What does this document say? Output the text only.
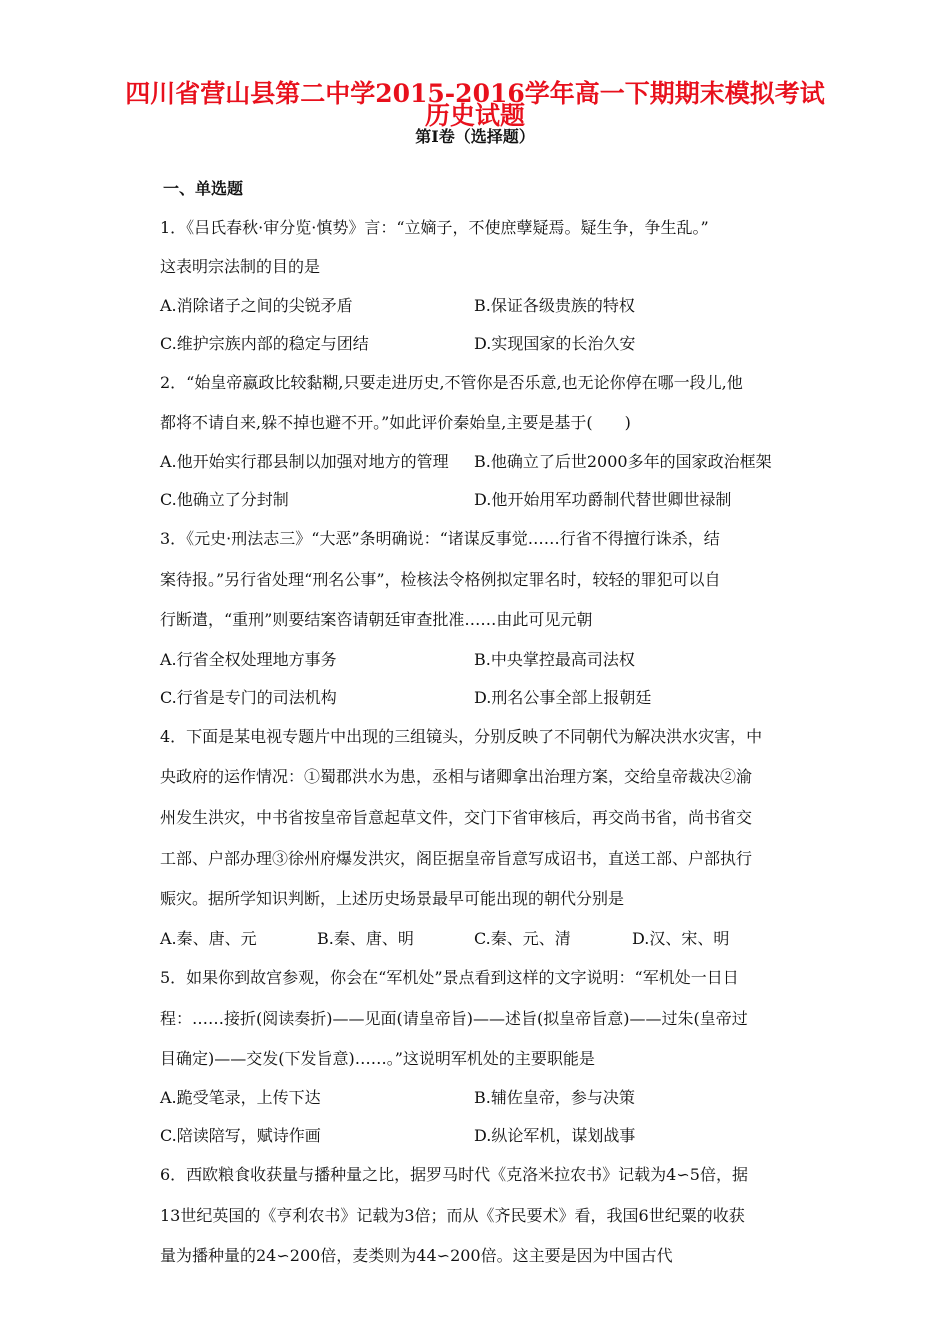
四川省营山县第二中学2015-2016学年高一下期期末模拟考试
历史试题
第I卷（选择题）
一、单选题
1．《吕氏春秋·审分览·慎势》言：“立嫡子，不使庶孽疑焉。疑生争，争生乱。”
这表明宗法制的目的是
A.消除诸子之间的尖锐矛盾	B.保证各级贵族的特权
C.维护宗族内部的稳定与团结	D.实现国家的长治久安
2．“始皇帝嬴政比较黏糊,只要走进历史,不管你是否乐意,也无论你停在哪一段儿,他
都将不请自来,躲不掉也避不开。”如此评价秦始皇,主要是基于(　　)
A.他开始实行郡县制以加强对地方的管理 B.他确立了后世2000多年的国家政治框架
C.他确立了分封制	D.他开始用军功爵制代替世卿世禄制
3．《元史·刑法志三》“大恶”条明确说：“诸谋反事觉……行省不得擅行诛杀，结
案待报。”另行省处理“刑名公事”，检核法令格例拟定罪名时，较轻的罪犯可以自
行断遣，“重刑”则要结案咨请朝廷审查批准……由此可见元朝
A.行省全权处理地方事务	B.中央掌控最高司法权
C.行省是专门的司法机构	D.刑名公事全部上报朝廷
4．下面是某电视专题片中出现的三组镜头，分别反映了不同朝代为解决洪水灾害，中
央政府的运作情况：①蜀郡洪水为患，丞相与诸卿拿出治理方案，交给皇帝裁决②渝
州发生洪灾，中书省按皇帝旨意起草文件，交门下省审核后，再交尚书省，尚书省交
工部、户部办理③徐州府爆发洪灾，阁臣据皇帝旨意写成诏书，直送工部、户部执行
赈灾。据所学知识判断，上述历史场景最早可能出现的朝代分别是
A.秦、唐、元	B.秦、唐、明	C.秦、元、清	D.汉、宋、明
5．如果你到故宫参观，你会在“军机处”景点看到这样的文字说明：“军机处一日日
程：……接折(阅读奏折)——见面(请皇帝旨)——述旨(拟皇帝旨意)——过朱(皇帝过
目确定)——交发(下发旨意)……。”这说明军机处的主要职能是
A.跪受笔录，上传下达	B.辅佐皇帝，参与决策
C.陪读陪写，赋诗作画	D.纵论军机，谋划战事
6．西欧粮食收获量与播种量之比，据罗马时代《克洛米拉农书》记载为4∽5倍，据
13世纪英国的《亨利农书》记载为3倍；而从《齐民要术》看，我国6世纪粟的收获
量为播种量的24∽200倍，麦类则为44∽200倍。这主要是因为中国古代
